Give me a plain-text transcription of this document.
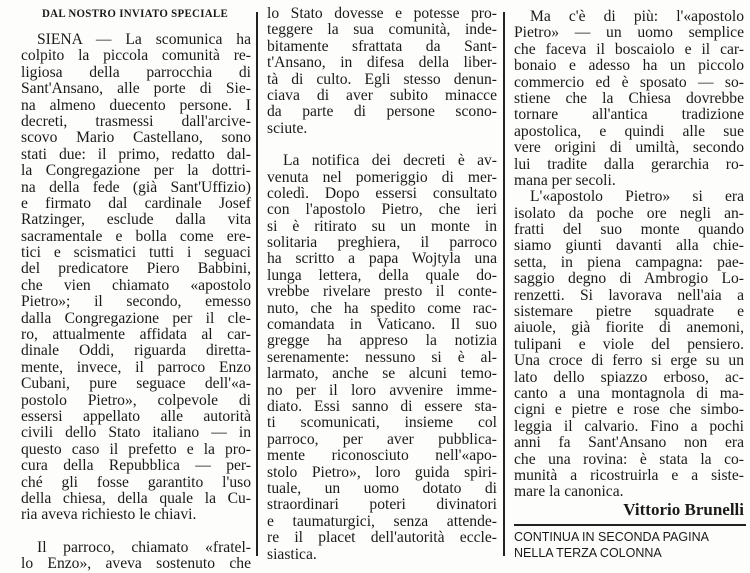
DAL NOSTRO INVIATO SPECIALE
SIENA — La scomunica ha
colpito la piccola comunità re-
ligiosa della parrocchia di
Sant'Ansano, alle porte di Sie-
na almeno duecento persone. I
decreti, trasmessi dall'arcive-
scovo Mario Castellano, sono
stati due: il primo, redatto dal-
la Congregazione per la dottri-
na della fede (già Sant'Uffizio)
e firmato dal cardinale Josef
Ratzinger, esclude dalla vita
sacramentale e bolla come ere-
tici e scismatici tutti i seguaci
del predicatore Piero Babbini,
che vien chiamato «apostolo
Pietro»; il secondo, emesso
dalla Congregazione per il cle-
ro, attualmente affidata al car-
dinale Oddi, riguarda diretta-
mente, invece, il parroco Enzo
Cubani, pure seguace dell'«a-
postolo Pietro», colpevole di
essersi appellato alle autorità
civili dello Stato italiano — in
questo caso il prefetto e la pro-
cura della Repubblica — per-
ché gli fosse garantito l'uso
della chiesa, della quale la Cu-
ria aveva richiesto le chiavi.
Il parroco, chiamato «fratel-
lo Enzo», aveva sostenuto che
lo Stato dovesse e potesse pro-
teggere la sua comunità, inde-
bitamente sfrattata da Sant-
t'Ansano, in difesa della liber-
tà di culto. Egli stesso denun-
ciava di aver subito minacce
da parte di persone scono-
sciute.
La notifica dei decreti è av-
venuta nel pomeriggio di mer-
coledì. Dopo essersi consultato
con l'apostolo Pietro, che ieri
si è ritirato su un monte in
solitaria preghiera, il parroco
ha scritto a papa Wojtyla una
lunga lettera, della quale do-
vrebbe rivelare presto il conte-
nuto, che ha spedito come rac-
comandata in Vaticano. Il suo
gregge ha appreso la notizia
serenamente: nessuno si è al-
larmato, anche se alcuni temo-
no per il loro avvenire imme-
diato. Essi sanno di essere sta-
ti scomunicati, insieme col
parroco, per aver pubblica-
mente riconosciuto nell'«apo-
stolo Pietro», loro guida spiri-
tuale, un uomo dotato di
straordinari poteri divinatori
e taumaturgici, senza attende-
re il placet dell'autorità eccle-
siastica.
Ma c'è di più: l'«apostolo
Pietro» — un uomo semplice
che faceva il boscaiolo e il car-
bonaio e adesso ha un piccolo
commercio ed è sposato — so-
stiene che la Chiesa dovrebbe
tornare all'antica tradizione
apostolica, e quindi alle sue
vere origini di umiltà, secondo
lui tradite dalla gerarchia ro-
mana per secoli.
L'«apostolo Pietro» si era
isolato da poche ore negli an-
fratti del suo monte quando
siamo giunti davanti alla chie-
setta, in piena campagna: pae-
saggio degno di Ambrogio Lo-
renzetti. Si lavorava nell'aia a
sistemare pietre squadrate e
aiuole, già fiorite di anemoni,
tulipani e viole del pensiero.
Una croce di ferro si erge su un
lato dello spiazzo erboso, ac-
canto a una montagnola di ma-
cigni e pietre e rose che simbo-
leggia il calvario. Fino a pochi
anni fa Sant'Ansano non era
che una rovina: è stata la co-
munità a ricostruirla e a siste-
mare la canonica.
Vittorio Brunelli
CONTINUA IN SECONDA PAGINA
NELLA TERZA COLONNA
